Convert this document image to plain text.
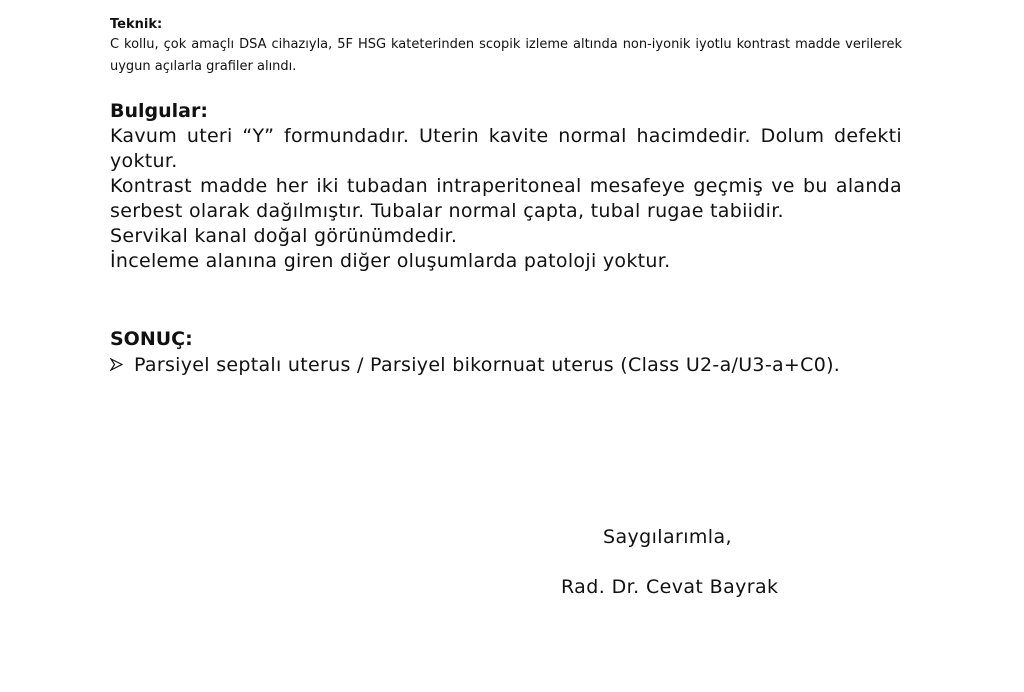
Teknik:

C kollu, çok amaçlı DSA cihazıyla, 5F HSG kateterinden scopik izleme altında non-iyonik iyotlu kontrast madde verilerek uygun açılarla grafiler alındı.

Bulgular:

Kavum uteri “Y” formundadır. Uterin kavite normal hacimdedir. Dolum defekti yoktur.

Kontrast madde her iki tubadan intraperitoneal mesafeye geçmiş ve bu alanda serbest olarak dağılmıştır. Tubalar normal çapta, tubal rugae tabiidir.

Servikal kanal doğal görünümdedir.

İnceleme alanına giren diğer oluşumlarda patoloji yoktur.

SONUÇ:

Parsiyel septalı uterus / Parsiyel bikornuat uterus (Class U2-a/U3-a+C0).
Saygılarımla,
Rad. Dr. Cevat Bayrak
